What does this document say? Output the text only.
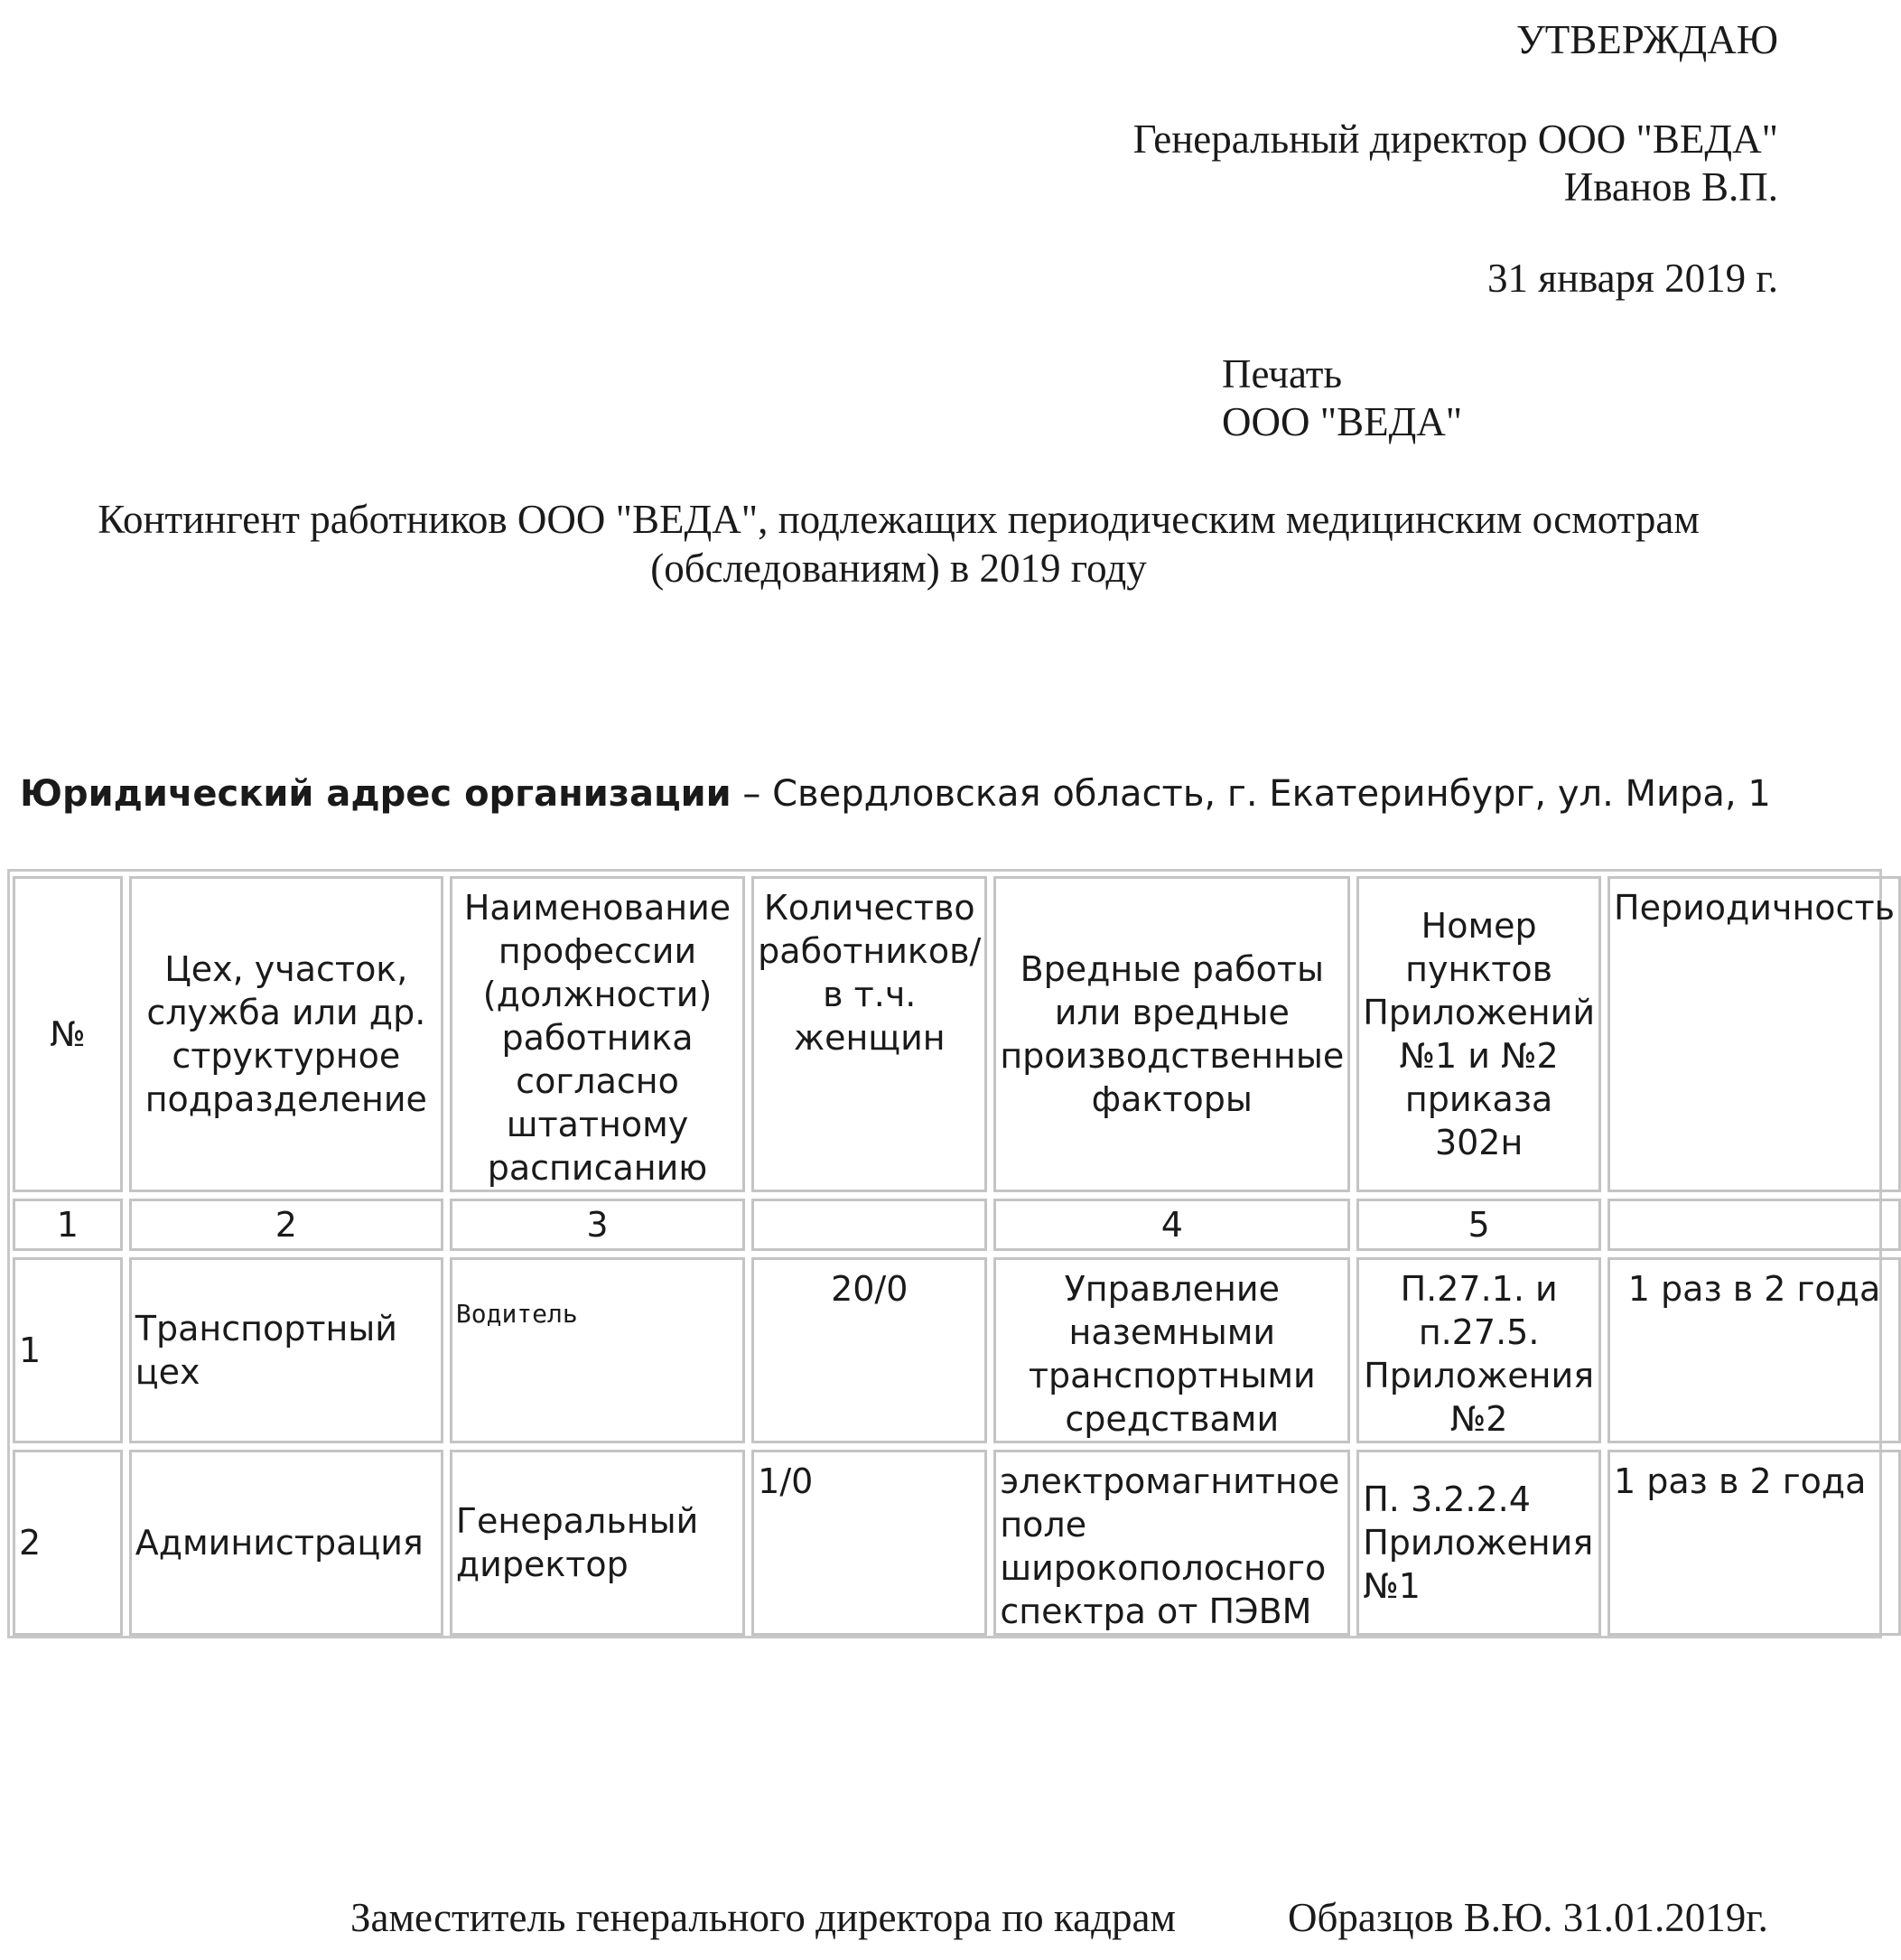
УТВЕРЖДАЮ
Генеральный директор ООО "ВЕДА"
Иванов В.П.
31 января 2019 г.
Печать
ООО "ВЕДА"
Контингент работников ООО "ВЕДА", подлежащих периодическим медицинским осмотрам
(обследованиям) в 2019 году
Юридический адрес организации – Свердловская область, г. Екатеринбург, ул. Мира, 1
№	Цех, участок, служба или др. структурное подразделение	Наименование профессии (должности) работника согласно штатному расписанию	Количество работников/ в т.ч. женщин	Вредные работы или вредные производственные факторы	Номер пунктов Приложений №1 и №2 приказа 302н	Периодичность
1	2	3		4	5	
1	Транспортный цех	Водитель	20/0	Управление наземными транспортными средствами	П.27.1. и п.27.5. Приложения №2	1 раз в 2 года
2	Администрация	Генеральный директор	1/0	электромагнитное поле широкополосного спектра от ПЭВМ	П. 3.2.2.4 Приложения №1	1 раз в 2 года
Заместитель генерального директора по кадрам	Образцов В.Ю. 31.01.2019г.
